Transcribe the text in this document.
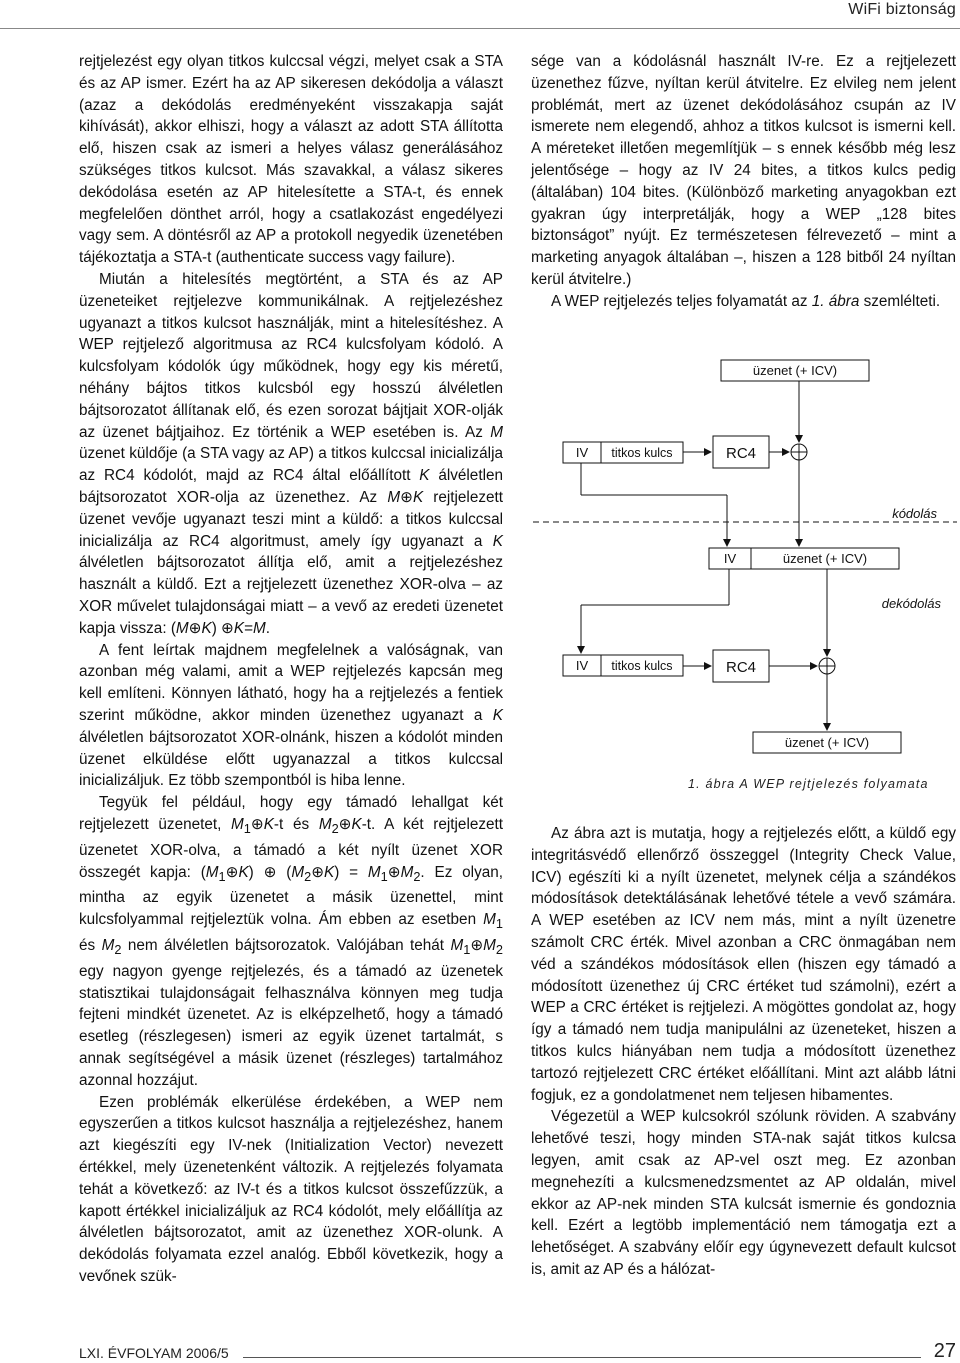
WiFi biztonság

rejtjelezést egy olyan titkos kulccsal végzi, melyet csak a STA és az AP ismer. Ezért ha az AP sikeresen dekódolja a választ (azaz a dekódolás eredményeként visszakapja saját kihívását), akkor elhiszi, hogy a választ az adott STA állította elő, hiszen csak az ismeri a helyes válasz generálásához szükséges titkos kulcsot. Más szavakkal, a válasz sikeres dekódolása esetén az AP hitelesítette a STA-t, és ennek megfelelően dönthet arról, hogy a csatlakozást engedélyezi vagy sem. A döntésről az AP a protokoll negyedik üzenetében tájékoztatja a STA-t (authenticate success vagy failure).

Miután a hitelesítés megtörtént, a STA és az AP üzeneteiket rejtjelezve kommunikálnak. A rejtjelezéshez ugyanazt a titkos kulcsot használják, mint a hitelesítéshez. A WEP rejtjelező algoritmusa az RC4 kulcsfolyam kódoló. A kulcsfolyam kódolók úgy működnek, hogy egy kis méretű, néhány bájtos titkos kulcsból egy hosszú álvéletlen bájtsorozatot állítanak elő, és ezen sorozat bájtjait XOR-olják az üzenet bájtjaihoz. Ez történik a WEP esetében is. Az M üzenet küldője (a STA vagy az AP) a titkos kulccsal inicializálja az RC4 kódolót, majd az RC4 által előállított K álvéletlen bájtsorozatot XOR-olja az üzenethez. Az M⊕K rejtjelezett üzenet vevője ugyanazt teszi mint a küldő: a titkos kulccsal inicializálja az RC4 algoritmust, amely így ugyanazt a K álvéletlen bájtsorozatot állítja elő, amit a rejtjelezéshez használt a küldő. Ezt a rejtjelezett üzenethez XOR-olva – az XOR művelet tulajdonságai miatt – a vevő az eredeti üzenetet kapja vissza: (M⊕K) ⊕K=M.

A fent leírtak majdnem megfelelnek a valóságnak, van azonban még valami, amit a WEP rejtjelezés kapcsán meg kell említeni. Könnyen látható, hogy ha a rejtjelezés a fentiek szerint működne, akkor minden üzenethez ugyanazt a K álvéletlen bájtsorozatot XOR-olnánk, hiszen a kódolót minden üzenet elküldése előtt ugyanazzal a titkos kulccsal inicializáljuk. Ez több szempontból is hiba lenne.

Tegyük fel például, hogy egy támadó lehallgat két rejtjelezett üzenetet, $M_1\oplus K-t$ és $M_2\oplus K-t$. A két rejtjelezett üzenetet XOR-olva, a támadó a két nyílt üzenet XOR összegét kapja: $(M_1\oplus K)$ ⊕ $(M_2\oplus K)$ = $M_1\oplus M_2$. Ez olyan, mintha az egyik üzenetet a másik üzenettel, mint kulcsfolyammal rejtjeleztük volna. Ám ebben az esetben $M_1$ és $M_2$ nem álvéletlen bájtsorozatok. Valójában tehát $M_1\oplus M_2$ egy nagyon gyenge rejtjelezés, és a támadó az üzenetek statisztikai tulajdonságait felhasználva könnyen meg tudja fejteni mindkét üzenetet. Az is elképzelhető, hogy a támadó esetleg (részlegesen) ismeri az egyik üzenet tartalmát, s annak segítségével a másik üzenet (részleges) tartalmához azonnal hozzájut.

Ezen problémák elkerülése érdekében, a WEP nem egyszerűen a titkos kulcsot használja a rejtjelezéshez, hanem azt kiegészíti egy IV-nek (Initialization Vector) nevezett értékkel, mely üzenetenként változik. A rejtjelezés folyamata tehát a következő: az IV-t és a titkos kulcsot összefűzzük, a kapott értékkel inicializáljuk az RC4 kódolót, mely előállítja az álvéletlen bájtsorozatot, amit az üzenethez XOR-olunk. A dekódolás folyamata ezzel analóg. Ebből következik, hogy a vevőnek szük-

sége van a kódolásnál használt IV-re. Ez a rejtjelezett üzenethez fűzve, nyíltan kerül átvitelre. Ez elvileg nem jelent problémát, mert az üzenet dekódolásához csupán az IV ismerete nem elegendő, ahhoz a titkos kulcsot is ismerni kell. A méreteket illetően megemlítjük – s ennek később még lesz jelentősége – hogy az IV 24 bites, a titkos kulcs pedig (általában) 104 bites. (Különböző marketing anyagokban ezt gyakran úgy interpretálják, hogy a WEP „128 bites biztonságot” nyújt. Ez természetesen félrevezető – mint a marketing anyagok általában –, hiszen a 128 bitből 24 nyíltan kerül átvitelre.)

A WEP rejtjelezés teljes folyamatát az 1. ábra szemlélteti.

üzenet (+ ICV)
IV titkos kulcs	RC4
kódolás
IV	üzenet (+ ICV)
dekódolás
IV titkos kulcs	RC4
üzenet (+ ICV)
1. ábra A WEP rejtjelezés folyamata

Az ábra azt is mutatja, hogy a rejtjelezés előtt, a küldő egy integritásvédő ellenőrző összeggel (Integrity Check Value, ICV) egészíti ki a nyílt üzenetet, melynek célja a szándékos módosítások detektálásának lehetővé tétele a vevő számára. A WEP esetében az ICV nem más, mint a nyílt üzenetre számolt CRC érték. Mivel azonban a CRC önmagában nem véd a szándékos módosítások ellen (hiszen egy támadó a módosított üzenethez új CRC értéket tud számolni), ezért a WEP a CRC értéket is rejtjelezi. A mögöttes gondolat az, hogy így a támadó nem tudja manipulálni az üzeneteket, hiszen a titkos kulcs hiányában nem tudja a módosított üzenethez tartozó rejtjelezett CRC értéket előállítani. Mint azt alább látni fogjuk, ez a gondolatmenet nem teljesen hibamentes.

Végezetül a WEP kulcsokról szólunk röviden. A szabvány lehetővé teszi, hogy minden STA-nak saját titkos kulcsa legyen, amit csak az AP-vel oszt meg. Ez azonban megnehezíti a kulcsmenedzsmentet az AP oldalán, mivel ekkor az AP-nek minden STA kulcsát ismernie és gondoznia kell. Ezért a legtöbb implementáció nem támogatja ezt a lehetőséget. A szabvány előír egy úgynevezett default kulcsot is, amit az AP és a hálózat-

LXI. ÉVFOLYAM 2006/5	27
